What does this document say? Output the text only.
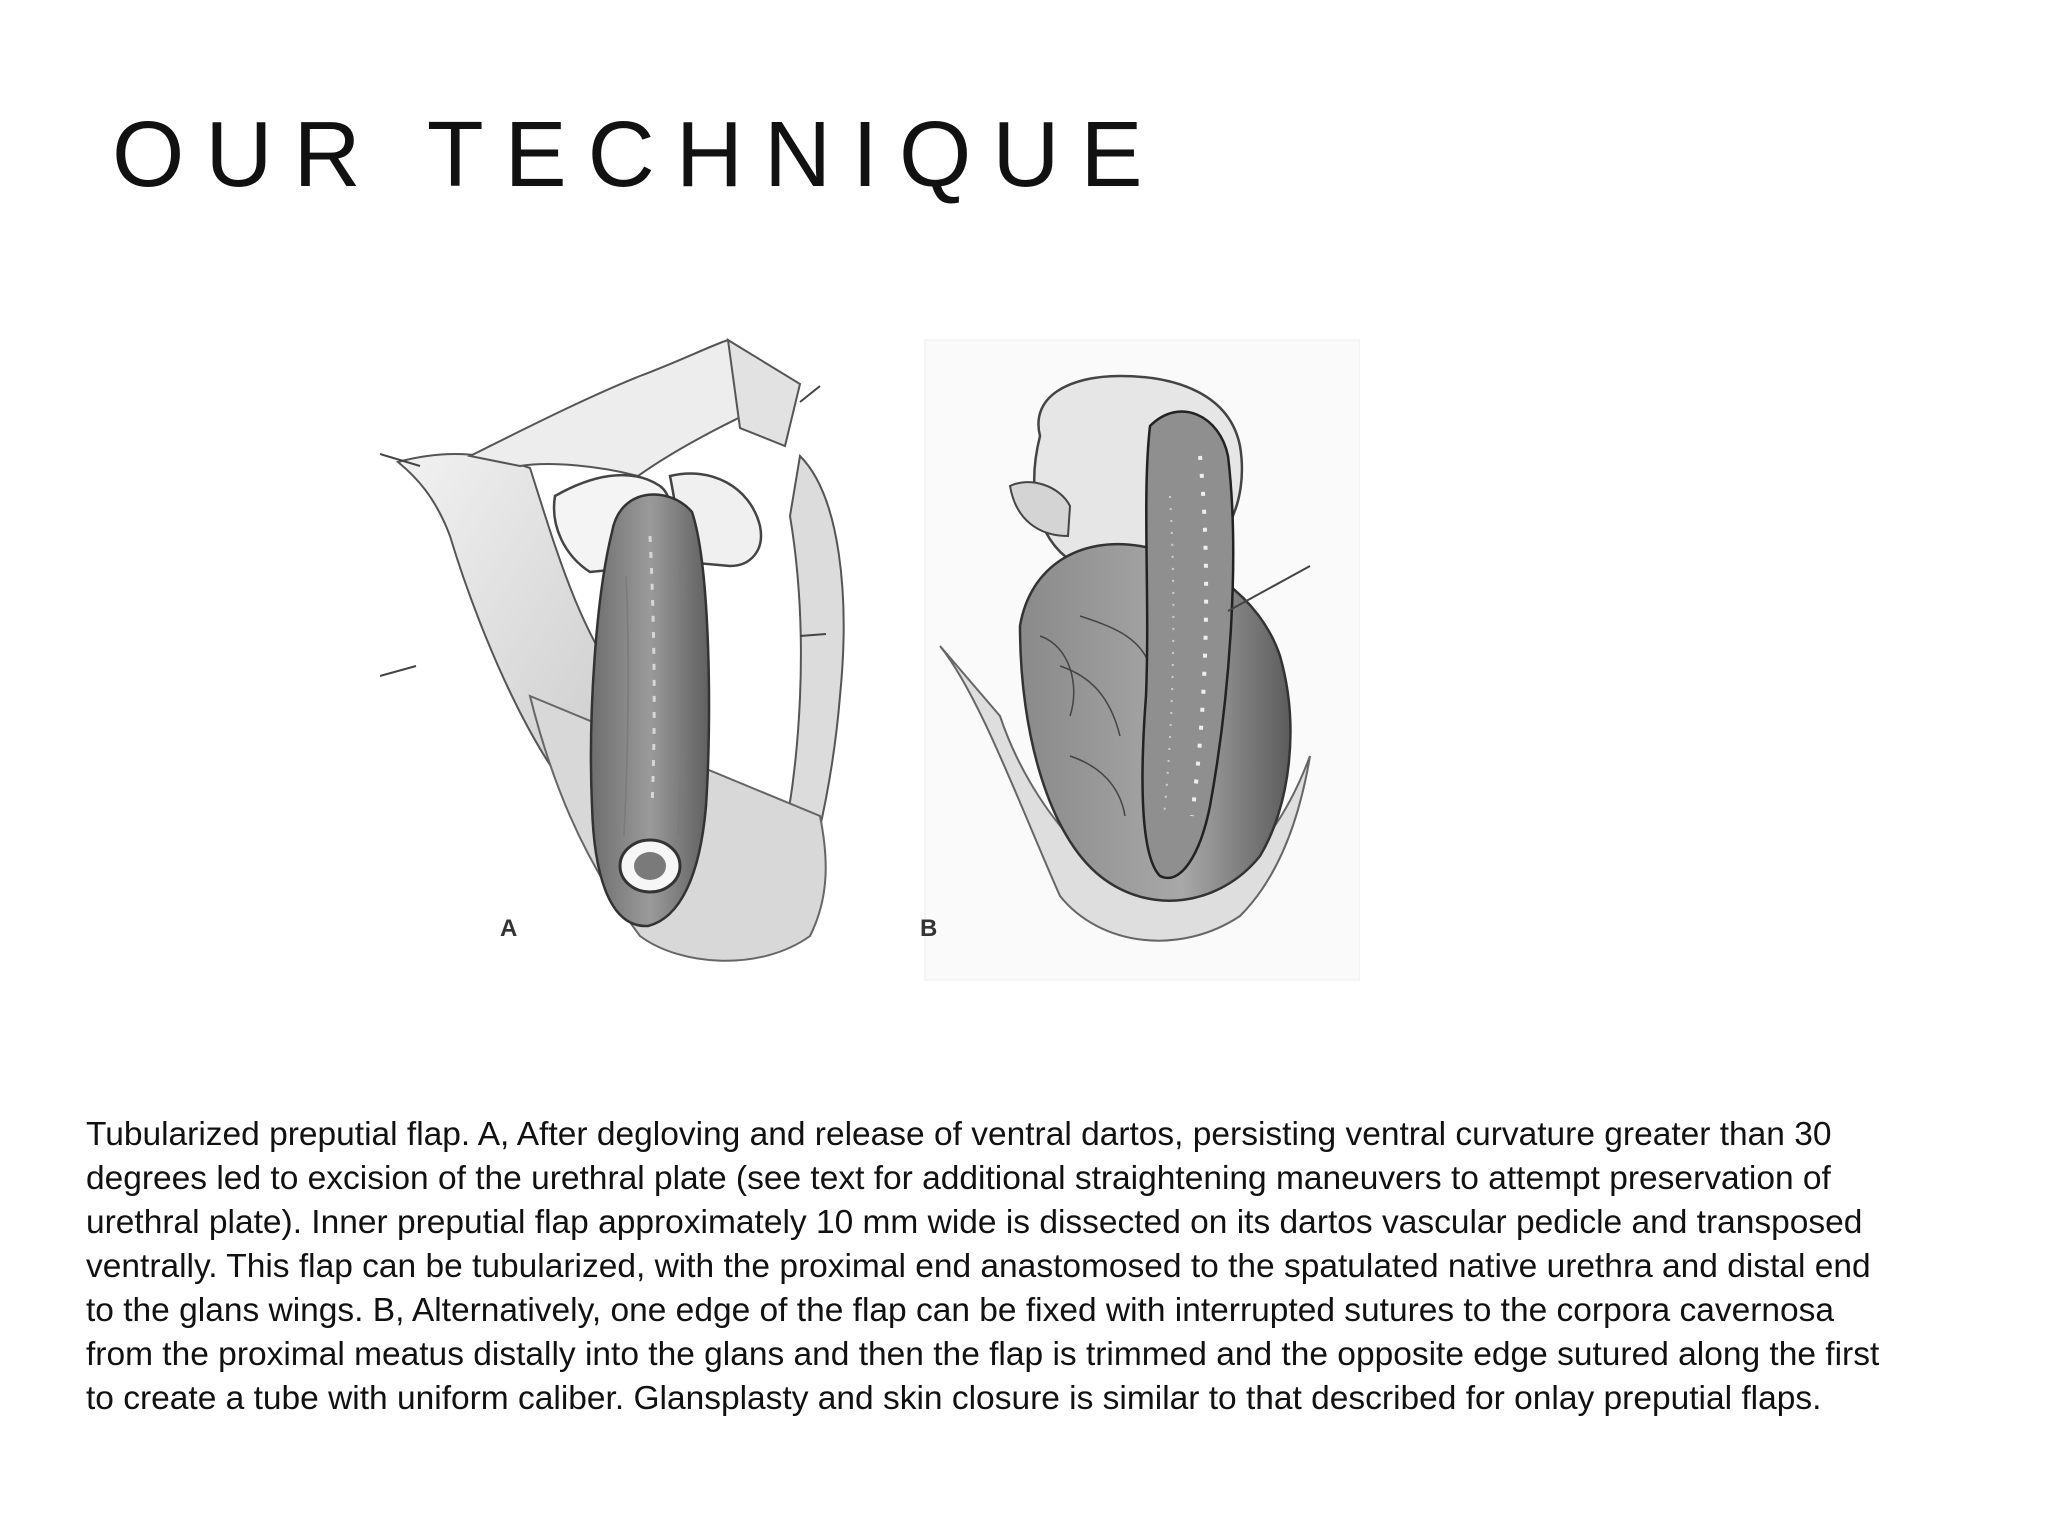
OUR TECHNIQUE
A	B
Tubularized preputial flap. A, After degloving and release of ventral dartos, persisting ventral curvature greater than 30
degrees led to excision of the urethral plate (see text for additional straightening maneuvers to attempt preservation of
urethral plate). Inner preputial flap approximately 10 mm wide is dissected on its dartos vascular pedicle and transposed
ventrally. This flap can be tubularized, with the proximal end anastomosed to the spatulated native urethra and distal end
to the glans wings. B, Alternatively, one edge of the flap can be fixed with interrupted sutures to the corpora cavernosa
from the proximal meatus distally into the glans and then the flap is trimmed and the opposite edge sutured along the first
to create a tube with uniform caliber. Glansplasty and skin closure is similar to that described for onlay preputial flaps.
